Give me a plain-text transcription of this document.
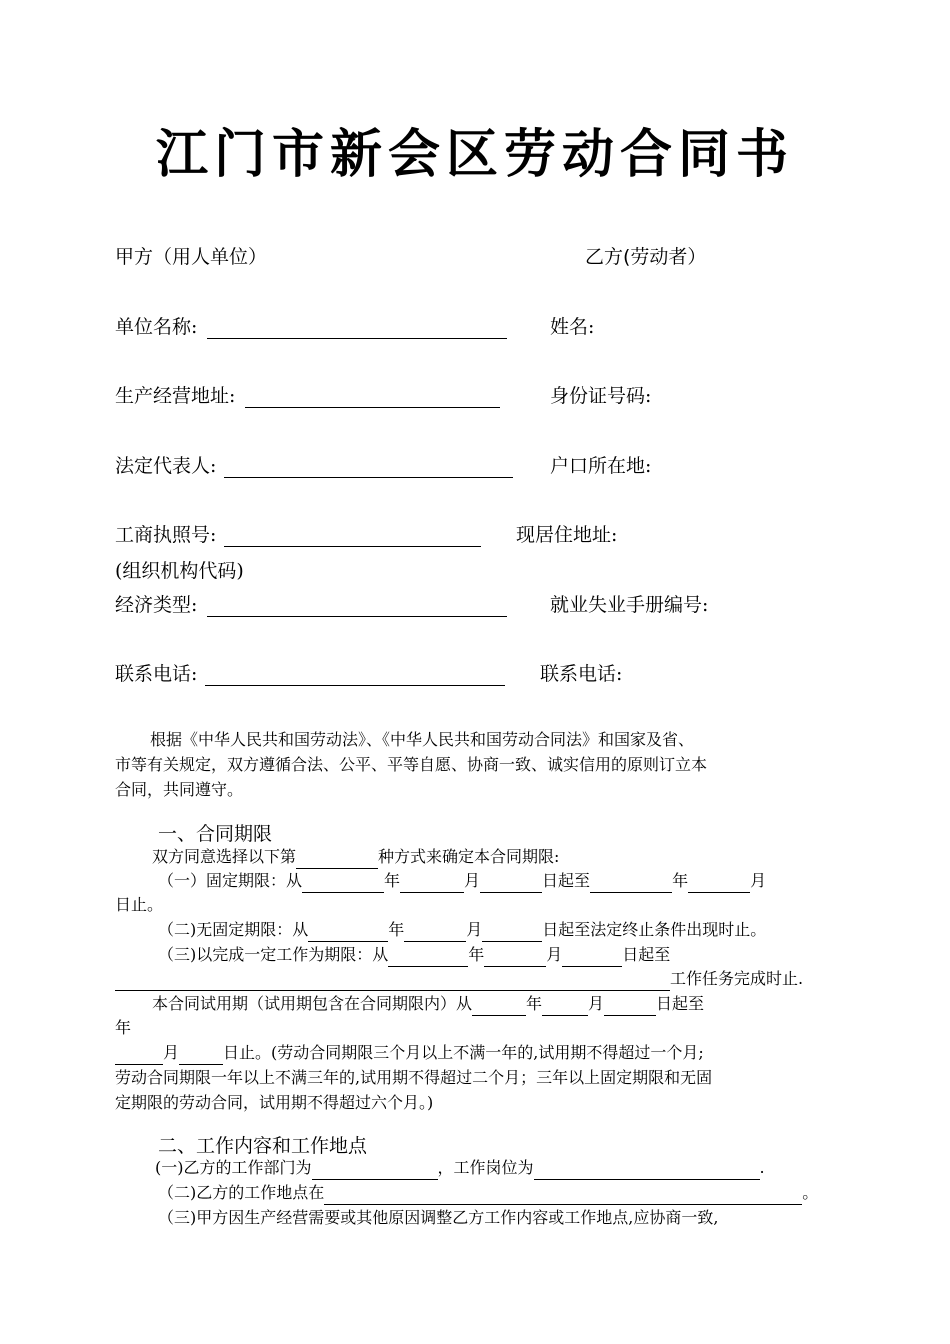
江门市新会区劳动合同书
甲方（用人单位）	乙方(劳动者）
单位名称:	姓名:
生产经营地址:	身份证号码:
法定代表人:	户口所在地:
工商执照号:	现居住地址:
(组织机构代码)
经济类型:	就业失业手册编号:
联系电话:	联系电话:
根据《中华人民共和国劳动法》、《中华人民共和国劳动合同法》和国家及省、
市等有关规定，双方遵循合法、公平、平等自愿、协商一致、诚实信用的原则订立本
合同，共同遵守。
一、合同期限
双方同意选择以下第	种方式来确定本合同期限:
（一）固定期限：从	年	月	日起至	年	月
日止。
（二)无固定期限：从	年	月	日起至法定终止条件出现时止。
（三)以完成一定工作为期限：从	年	月	日起至
工作任务完成时止.
本合同试用期（试用期包含在合同期限内）从	年	月	日起至
年
月	日止。(劳动合同期限三个月以上不满一年的,试用期不得超过一个月;
劳动合同期限一年以上不满三年的,试用期不得超过二个月；三年以上固定期限和无固
定期限的劳动合同，试用期不得超过六个月。)
二、工作内容和工作地点
(一)乙方的工作部门为	，工作岗位为	.
（二)乙方的工作地点在	。
（三)甲方因生产经营需要或其他原因调整乙方工作内容或工作地点,应协商一致,
